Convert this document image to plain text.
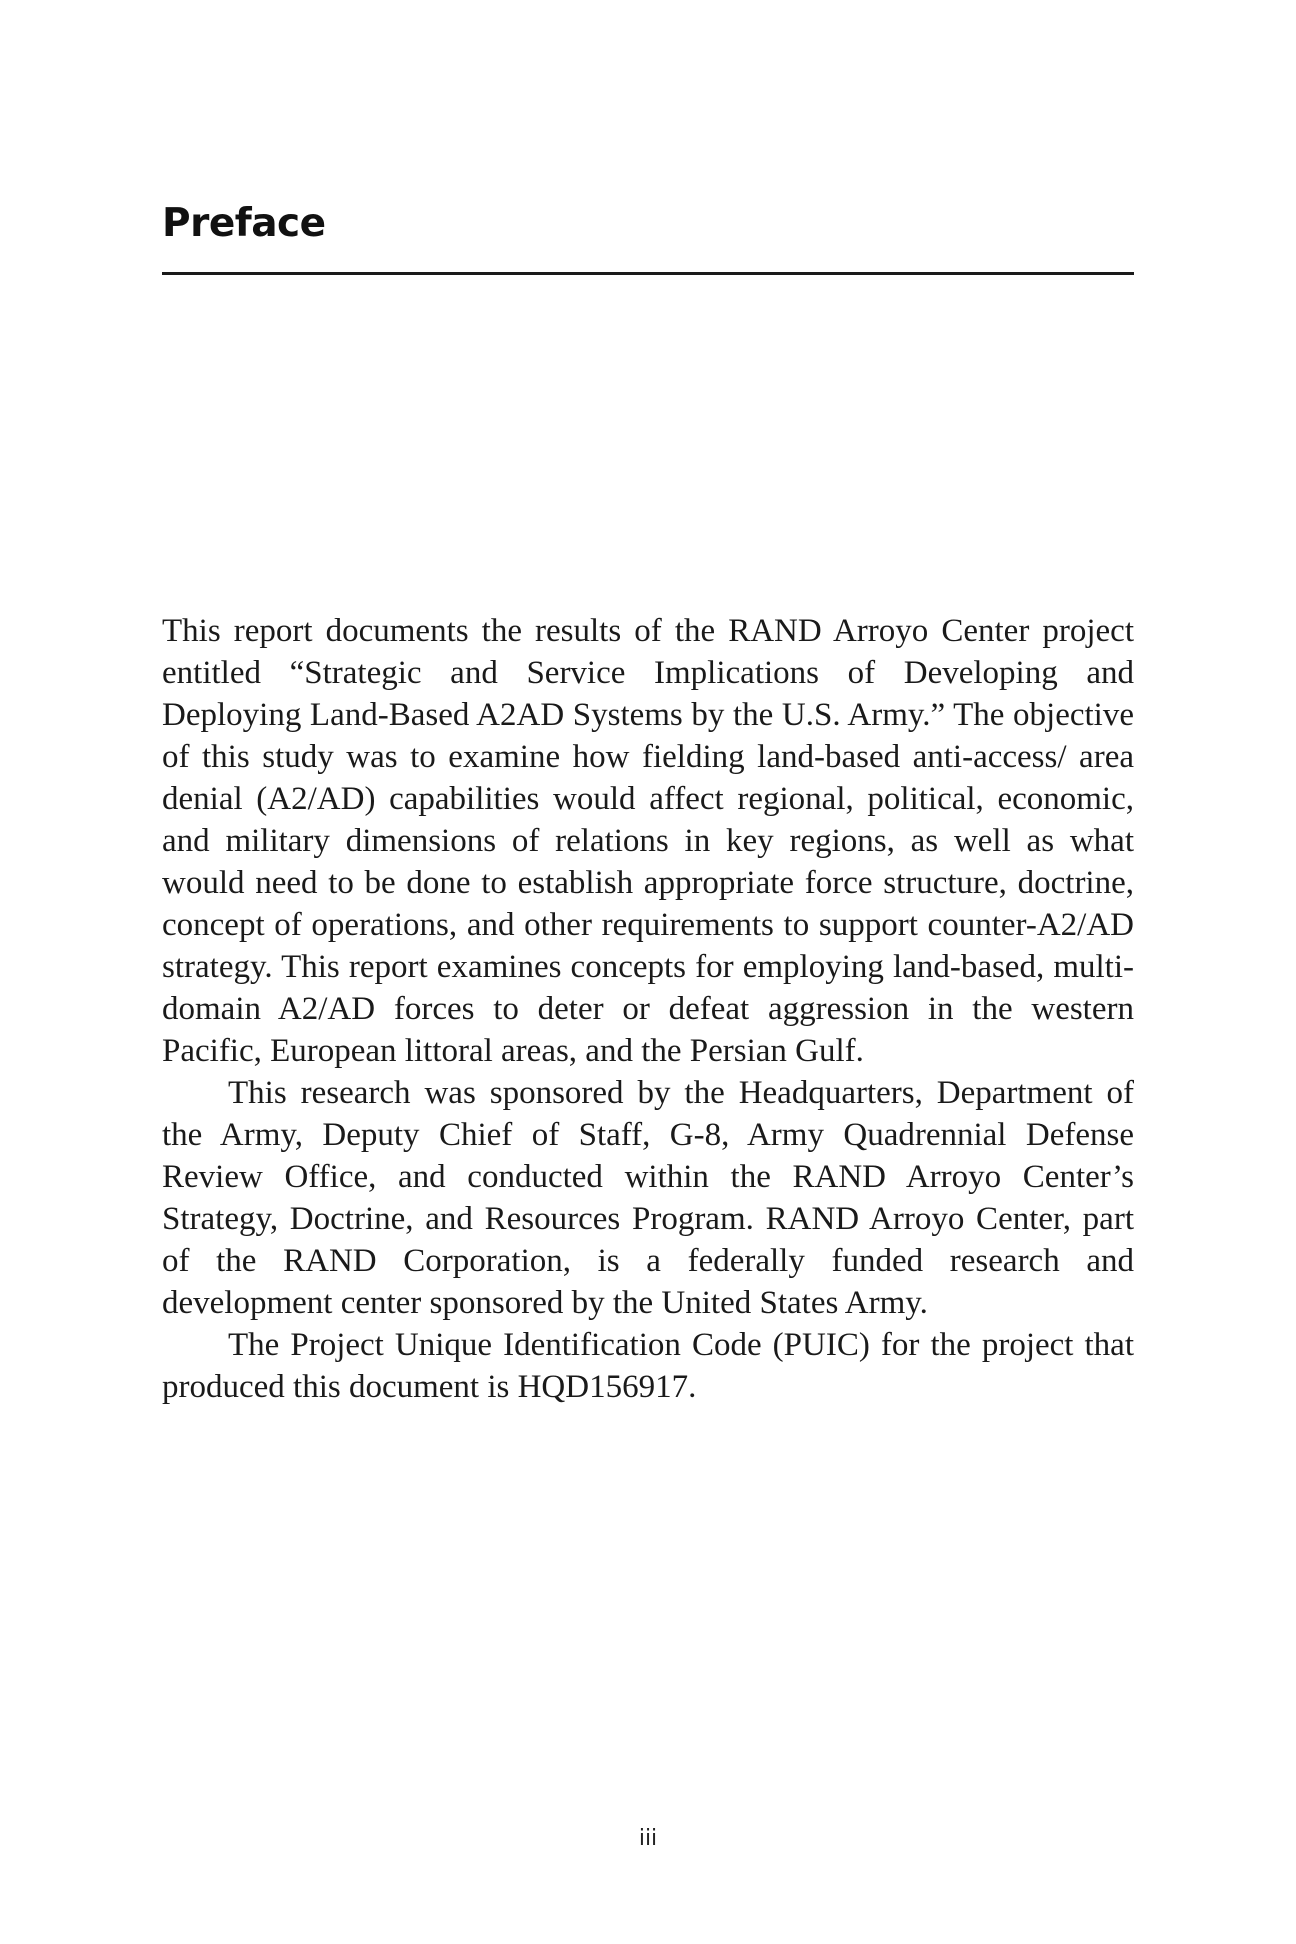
Preface

This report documents the results of the RAND Arroyo Center project entitled “Strategic and Service Implications of Developing and Deploying Land-Based A2AD Systems by the U.S. Army.” The objective of this study was to examine how fielding land-based anti-access/ area denial (A2/AD) capabilities would affect regional, political, economic, and military dimensions of relations in key regions, as well as what would need to be done to establish appropriate force structure, doctrine, concept of operations, and other requirements to support counter-A2/AD strategy. This report examines concepts for employing land-based, multi-domain A2/AD forces to deter or defeat aggression in the western Pacific, European littoral areas, and the Persian Gulf.

This research was sponsored by the Headquarters, Department of the Army, Deputy Chief of Staff, G-8, Army Quadrennial Defense Review Office, and conducted within the RAND Arroyo Center’s Strategy, Doctrine, and Resources Program. RAND Arroyo Center, part of the RAND Corporation, is a federally funded research and development center sponsored by the United States Army.

The Project Unique Identification Code (PUIC) for the project that produced this document is HQD156917.

iii
